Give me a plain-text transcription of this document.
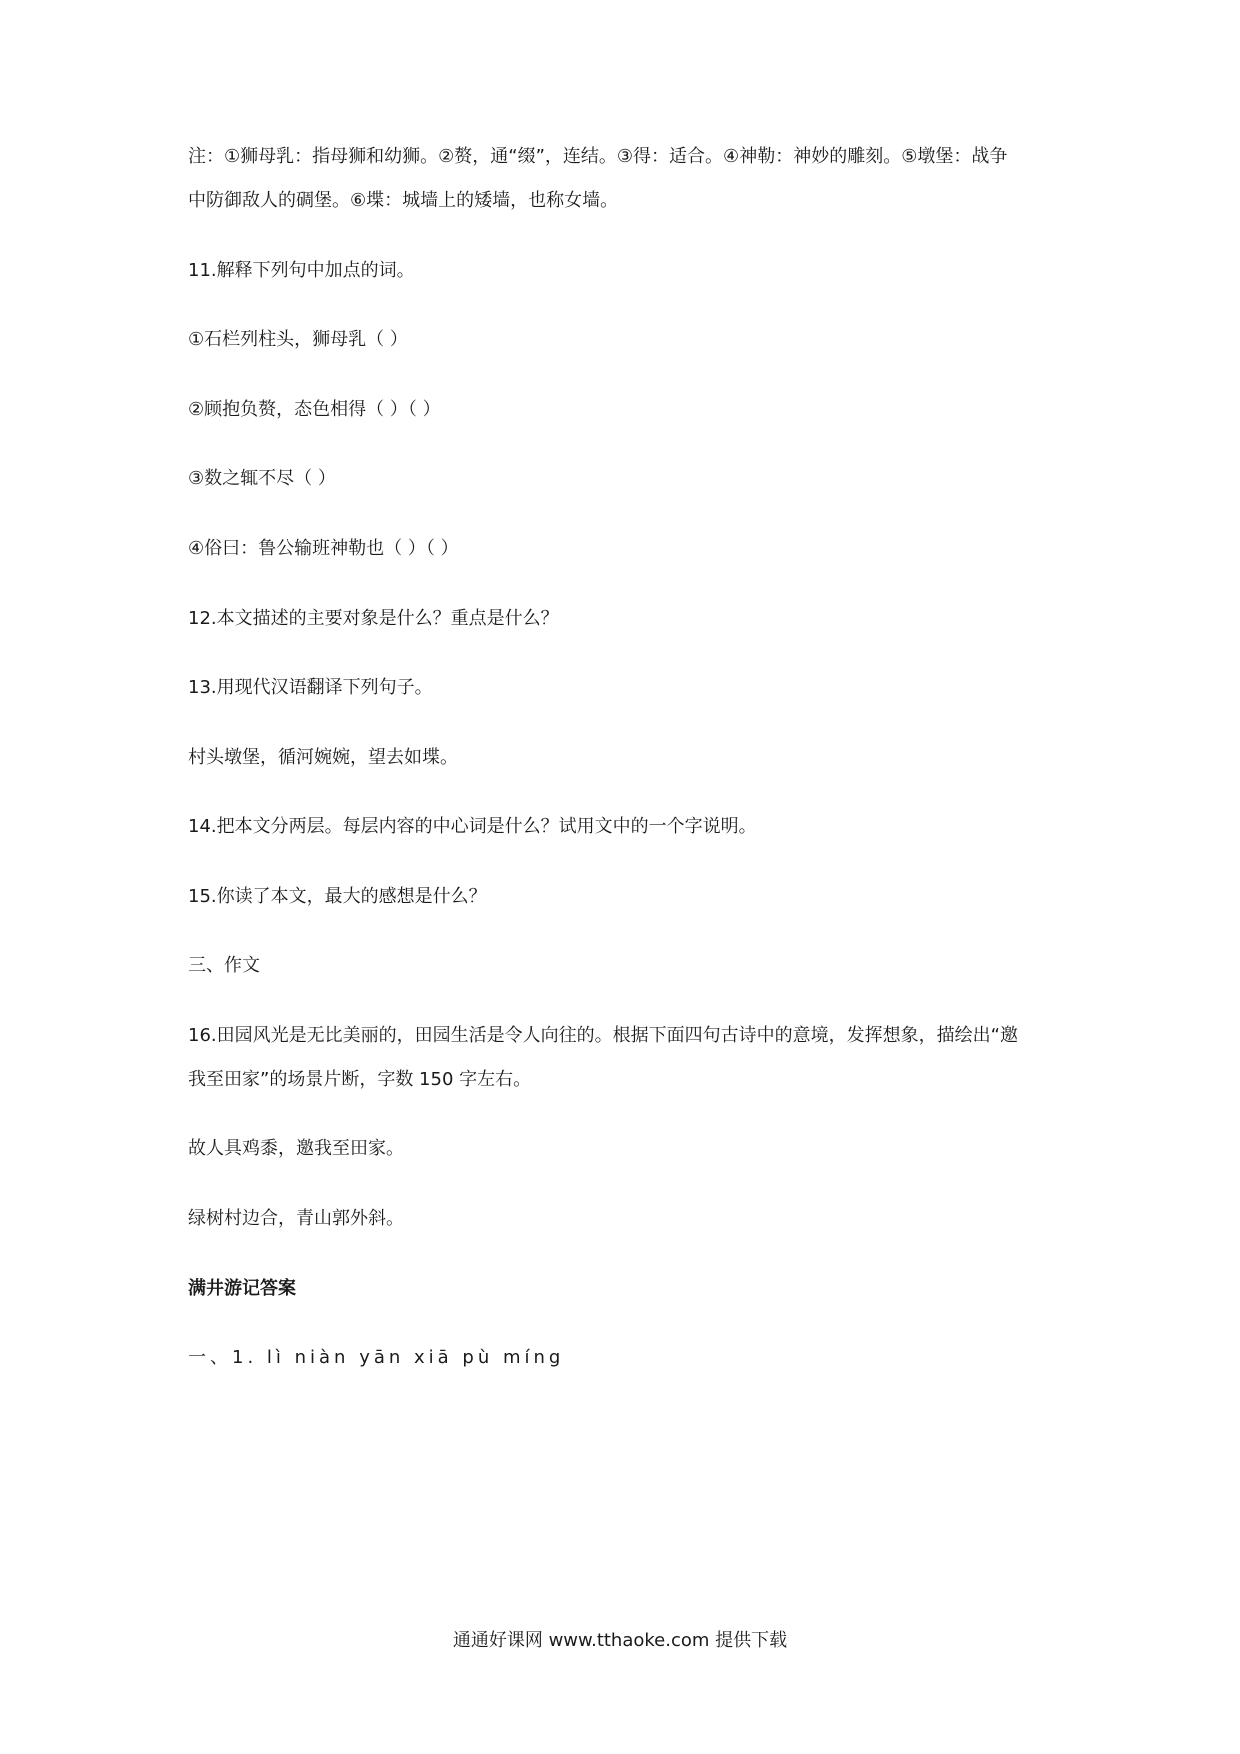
注：①狮母乳：指母狮和幼狮。②赘，通“缀”，连结。③得：适合。④神勒：神妙的雕刻。⑤墩堡：战争
中防御敌人的碉堡。⑥堞：城墙上的矮墙，也称女墙。
11.解释下列句中加点的词。
①石栏列柱头，狮母乳（ ）
②顾抱负赘，态色相得（ ）（ ）
③数之辄不尽（ ）
④俗曰：鲁公输班神勒也（ ）（ ）
12.本文描述的主要对象是什么？重点是什么？
13.用现代汉语翻译下列句子。
村头墩堡，循河婉婉，望去如堞。
14.把本文分两层。每层内容的中心词是什么？试用文中的一个字说明。
15.你读了本文，最大的感想是什么？
三、作文
16.田园风光是无比美丽的，田园生活是令人向往的。根据下面四句古诗中的意境，发挥想象，描绘出“邀
我至田家”的场景片断，字数 150 字左右。
故人具鸡黍，邀我至田家。
绿树村边合，青山郭外斜。
满井游记答案
一、1. lì niàn yān xiā pù míng
通通好课网 www.tthaoke.com 提供下载
